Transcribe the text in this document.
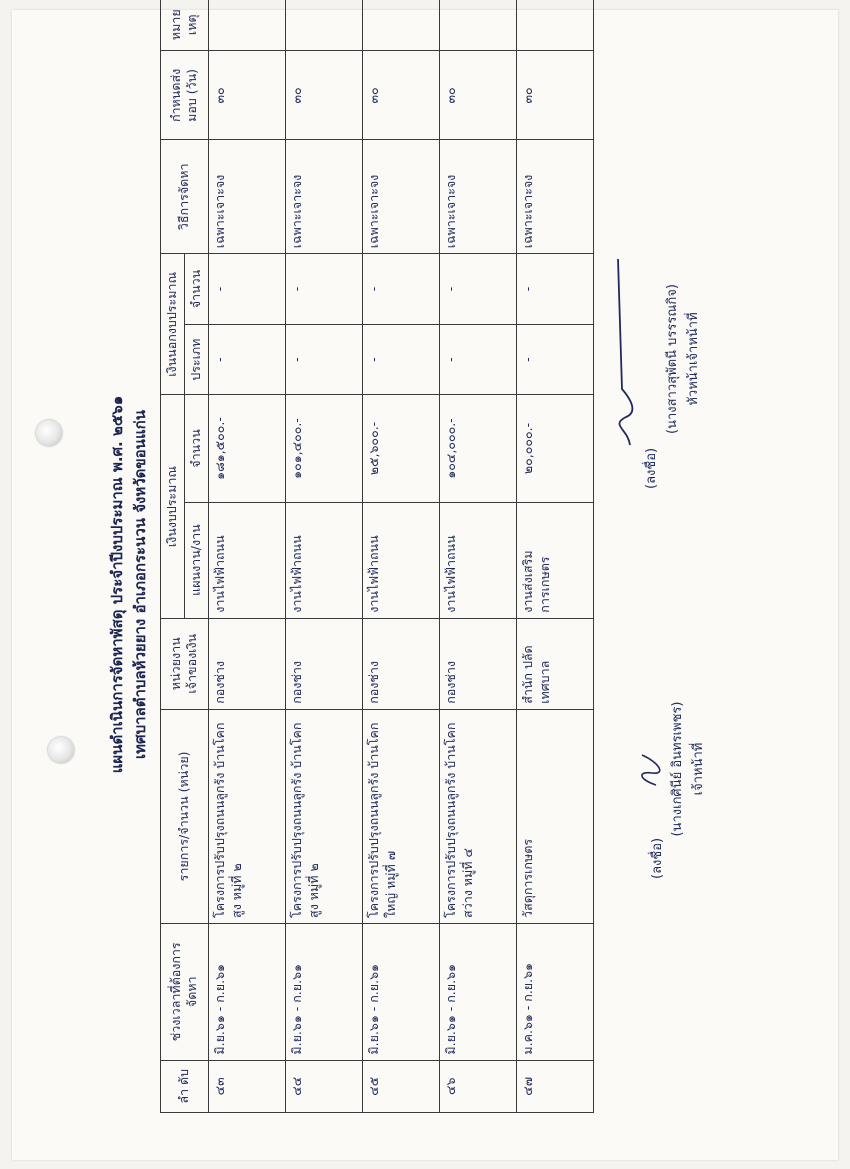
แผนดำเนินการจัดหาพัสดุ ประจำปีงบประมาณ พ.ศ. ๒๕๖๑ เทศบาลตำบลห้วยยาง อำเภอกระนวน จังหวัดขอนแก่น
ลำ ดับ	ช่วงเวลาที่ต้องการ จัดหา	รายการ/จำนวน (หน่วย)	หน่วยงาน เจ้าของเงิน	เงินงบประมาณ		เงินนอกงบประมาณ		วิธีการจัดหา	กำหนดส่ง มอบ (วัน)	หมาย เหตุ
				แผนงาน/งาน	จำนวน	ประเภท	จำนวน			
๔๓	มิ.ย.๖๑ - ก.ย.๖๑	โครงการปรับปรุงถนนลูกรัง บ้านโคกสูง หมู่ที่ ๒	กองช่าง	งานไฟฟ้าถนน	๑๘๑,๕๐๐.-	-	-	เฉพาะเจาะจง	๓๐	
๔๔	มิ.ย.๖๑ - ก.ย.๖๑	โครงการปรับปรุงถนนลูกรัง บ้านโคกสูง หมู่ที่ ๒	กองช่าง	งานไฟฟ้าถนน	๑๐๑,๔๐๐.-	-	-	เฉพาะเจาะจง	๓๐	
๔๕	มิ.ย.๖๑ - ก.ย.๖๑	โครงการปรับปรุงถนนลูกรัง บ้านโคกใหญ่ หมู่ที่ ๗	กองช่าง	งานไฟฟ้าถนน	๒๕,๖๐๐.-	-	-	เฉพาะเจาะจง	๓๐	
๔๖	มิ.ย.๖๑ - ก.ย.๖๑	โครงการปรับปรุงถนนลูกรัง บ้านโคกสว่าง หมู่ที่ ๔	กองช่าง	งานไฟฟ้าถนน	๑๐๔,๐๐๐.-	-	-	เฉพาะเจาะจง	๓๐	
๔๗	ม.ค.๖๑ - ก.ย.๖๑	วัสดุการเกษตร	สำนัก ปลัดเทศบาล	งานส่งเสริม การเกษตร	๒๐,๐๐๐.-	-	-	เฉพาะเจาะจง	๓๐	
(ลงชื่อ)
(นางเกศินีย์ อินทรเพชร) เจ้าหน้าที่
(ลงชื่อ)
(นางสาวสุพัตนี บรรรณกิจ) หัวหน้าเจ้าหน้าที่
